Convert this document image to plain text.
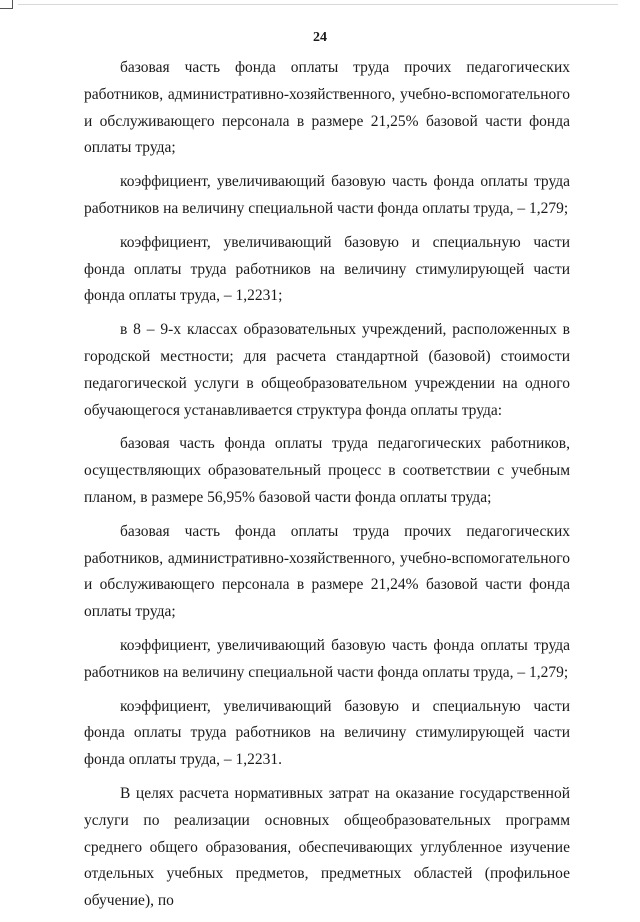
24

базовая часть фонда оплаты труда прочих педагогических работников, административно-хозяйственного, учебно-вспомогательного и обслуживающего персонала в размере 21,25% базовой части фонда оплаты труда;

коэффициент, увеличивающий базовую часть фонда оплаты труда работников на величину специальной части фонда оплаты труда, – 1,279;

коэффициент, увеличивающий базовую и специальную части фонда оплаты труда работников на величину стимулирующей части фонда оплаты труда, – 1,2231;

в 8 – 9-х классах образовательных учреждений, расположенных в городской местности; для расчета стандартной (базовой) стоимости педагогической услуги в общеобразовательном учреждении на одного обучающегося устанавливается структура фонда оплаты труда:

базовая часть фонда оплаты труда педагогических работников, осуществляющих образовательный процесс в соответствии с учебным планом, в размере 56,95% базовой части фонда оплаты труда;

базовая часть фонда оплаты труда прочих педагогических работников, административно-хозяйственного, учебно-вспомогательного и обслуживающего персонала в размере 21,24% базовой части фонда оплаты труда;

коэффициент, увеличивающий базовую часть фонда оплаты труда работников на величину специальной части фонда оплаты труда, – 1,279;

коэффициент, увеличивающий базовую и специальную части фонда оплаты труда работников на величину стимулирующей части фонда оплаты труда, – 1,2231.

В целях расчета нормативных затрат на оказание государственной услуги по реализации основных общеобразовательных программ среднего общего образования, обеспечивающих углубленное изучение отдельных учебных предметов, предметных областей (профильное обучение), по
